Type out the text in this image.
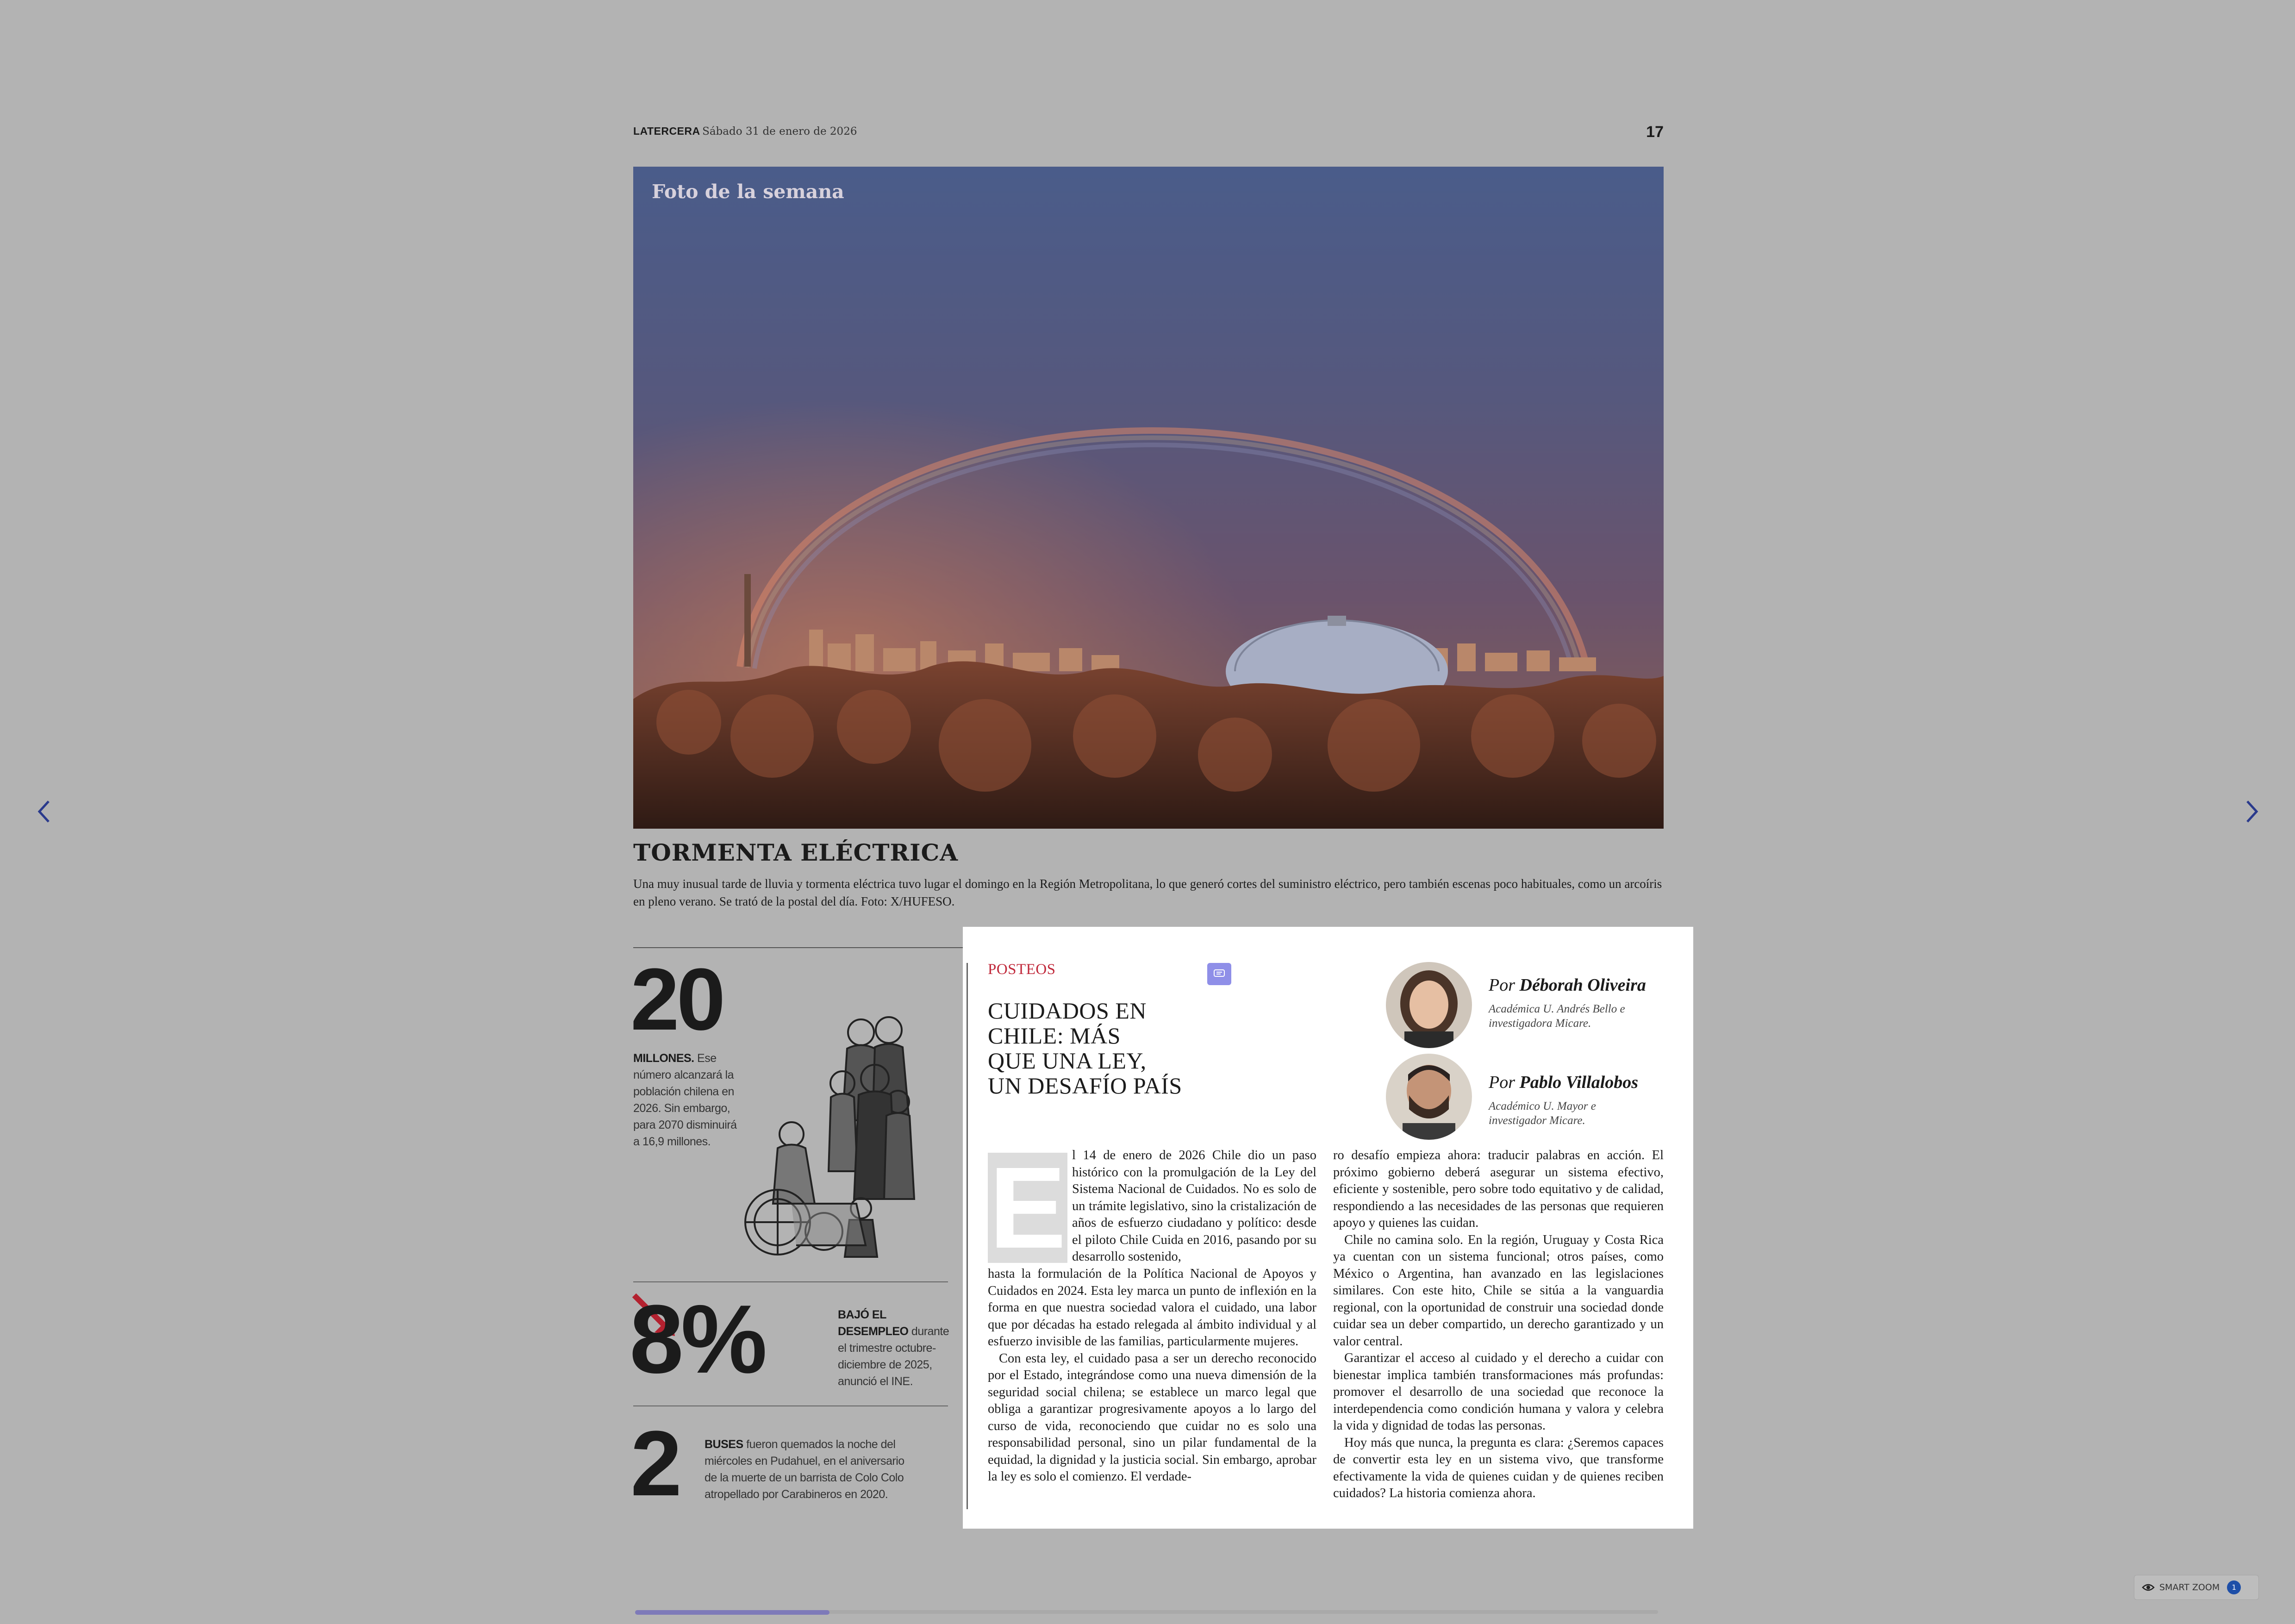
LATERCERA Sábado 31 de enero de 2026	17
Foto de la semana
TORMENTA ELÉCTRICA
Una muy inusual tarde de lluvia y tormenta eléctrica tuvo lugar el domingo en la Región Metropolitana, lo que generó cortes del suministro eléctrico, pero también escenas poco habituales, como un arcoíris en pleno verano. Se trató de la postal del día. Foto: X/HUFESO.
20
MILLONES. Ese número alcanzará la población chilena en 2026. Sin embargo, para 2070 disminuirá a 16,9 millones.
8%	BAJÓ EL DESEMPLEO durante el trimestre octubre-diciembre de 2025, anunció el INE.
2 BUSES fueron quemados la noche del miércoles en Pudahuel, en el aniversario de la muerte de un barrista de Colo Colo atropellado por Carabineros en 2020.
POSTEOS
CUIDADOS EN
CHILE: MÁS
QUE UNA LEY,
UN DESAFÍO PAÍS
Por Déborah Oliveira
Académica U. Andrés Bello e
investigadora Micare.
Por Pablo Villalobos
Académico U. Mayor e
investigador Micare.
E l 14 de enero de 2026 Chile dio un paso histórico con la promulgación de la Ley del Sistema Nacional de Cuidados. No es solo de un trámite legislativo, sino la cristalización de años de esfuerzo ciudadano y político: desde el piloto Chile Cuida en 2016, pasando por su desarrollo sostenido,
hasta la formulación de la Política Nacional de Apoyos y Cuidados en 2024. Esta ley marca un punto de inflexión en la forma en que nuestra sociedad valora el cuidado, una labor que por décadas ha estado relegada al ámbito individual y al esfuerzo invisible de las familias, particularmente mujeres.
Con esta ley, el cuidado pasa a ser un derecho reconocido por el Estado, integrándose como una nueva dimensión de la seguridad social chilena; se establece un marco legal que obliga a garantizar progresivamente apoyos a lo largo del curso de vida, reconociendo que cuidar no es solo una responsabilidad personal, sino un pilar fundamental de la equidad, la dignidad y la justicia social. Sin embargo, aprobar la ley es solo el comienzo. El verdade-
ro desafío empieza ahora: traducir palabras en acción. El próximo gobierno deberá asegurar un sistema efectivo, eficiente y sostenible, pero sobre todo equitativo y de calidad, respondiendo a las necesidades de las personas que requieren apoyo y quienes las cuidan.
Chile no camina solo. En la región, Uruguay y Costa Rica ya cuentan con un sistema funcional; otros países, como México o Argentina, han avanzado en las legislaciones similares. Con este hito, Chile se sitúa a la vanguardia regional, con la oportunidad de construir una sociedad donde cuidar sea un deber compartido, un derecho garantizado y un valor central.
Garantizar el acceso al cuidado y el derecho a cuidar con bienestar implica también transformaciones más profundas: promover el desarrollo de una sociedad que reconoce la interdependencia como condición humana y valora y celebra la vida y dignidad de todas las personas.
Hoy más que nunca, la pregunta es clara: ¿Seremos capaces de convertir esta ley en un sistema vivo, que transforme efectivamente la vida de quienes cuidan y de quienes reciben cuidados? La historia comienza ahora.
SMART ZOOM	1
